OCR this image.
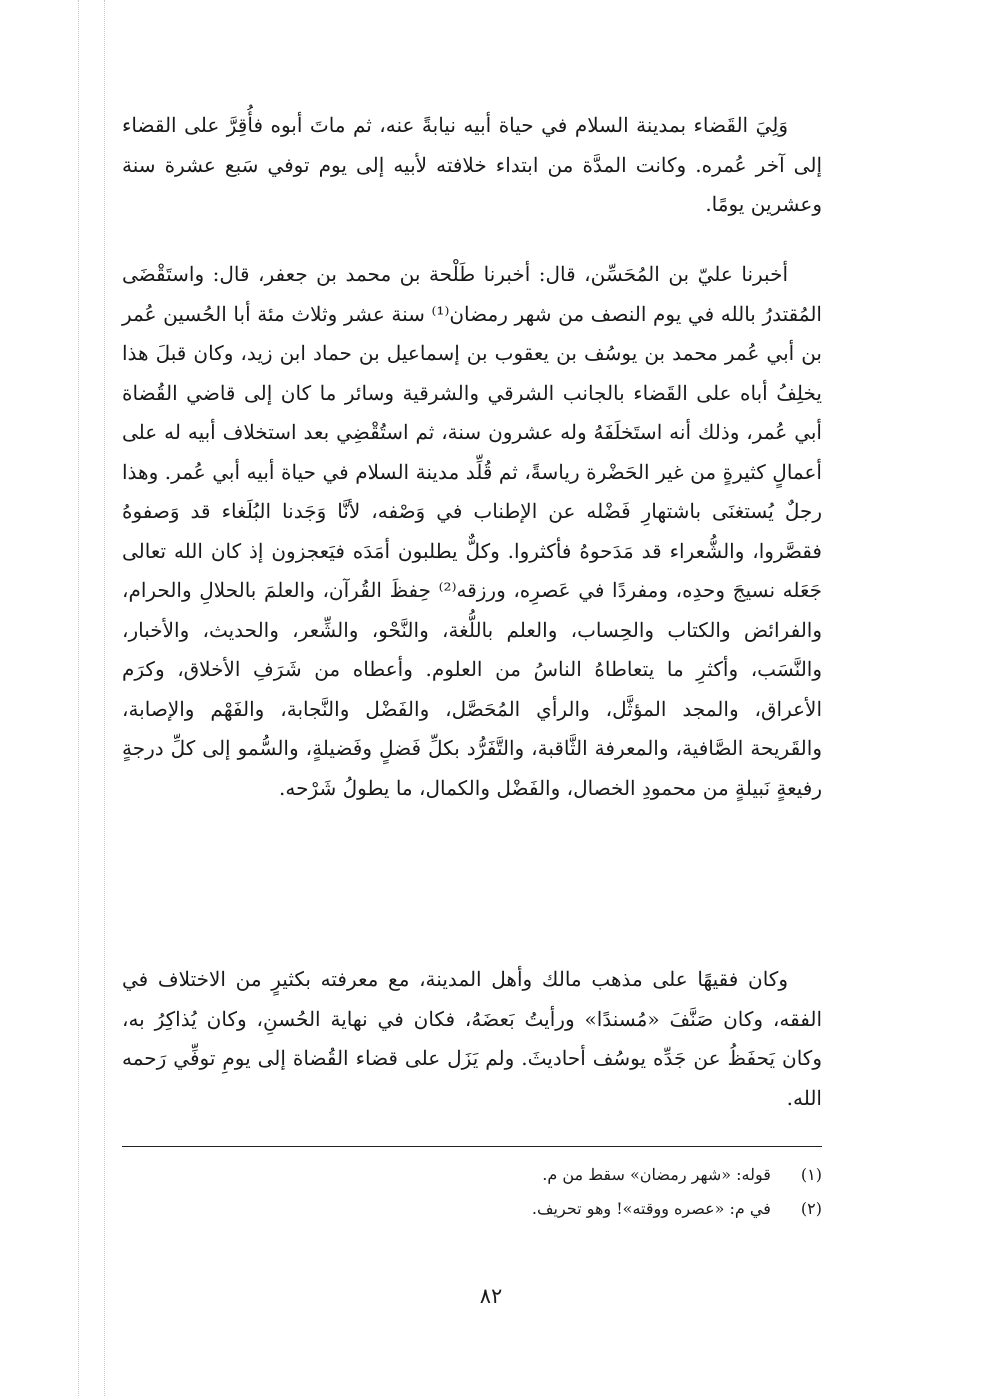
وَلِيَ القَضاء بمدينة السلام في حياة أبيه نيابةً عنه، ثم ماتَ أبوه فأُقِرَّ على القضاء إلى آخر عُمره. وكانت المدَّة من ابتداء خلافته لأبيه إلى يوم توفي سَبع عشرة سنة وعشرين يومًا.

أخبرنا عليّ بن المُحَسِّن، قال: أخبرنا طَلْحة بن محمد بن جعفر، قال: واستَقْضَى المُقتدرُ بالله في يوم النصف من شهر رمضان⁽¹⁾ سنة عشر وثلاث مئة أبا الحُسين عُمر بن أبي عُمر محمد بن يوسُف بن يعقوب بن إسماعيل بن حماد ابن زيد، وكان قبلَ هذا يخلِفُ أباه على القَضاء بالجانب الشرقي والشرقية وسائر ما كان إلى قاضي القُضاة أبي عُمر، وذلك أنه استَخلَفَهُ وله عشرون سنة، ثم استُقْضِي بعد استخلاف أبيه له على أعمالٍ كثيرةٍ من غير الحَضْرة رياسةً، ثم قُلِّد مدينة السلام في حياة أبيه أبي عُمر. وهذا رجلٌ يُستغنَى باشتهارِ فَضْله عن الإطناب في وَصْفه، لأنَّا وَجَدنا البُلَغاء قد وَصفوهُ فقصَّروا، والشُّعراء قد مَدَحوهُ فأكثروا. وكلٌّ يطلبون أمَدَه فيَعجزون إذ كان الله تعالى جَعَله نسيجَ وحدِه، ومفردًا في عَصرِه، ورزقه⁽²⁾ حِفظَ القُرآن، والعلمَ بالحلالِ والحرام، والفرائض والكتاب والحِساب، والعلم باللُّغة، والنَّحْو، والشِّعر، والحديث، والأخبار، والنَّسَب، وأكثرِ ما يتعاطاهُ الناسُ من العلوم. وأعطاه من شَرَفِ الأخلاق، وكرَم الأعراق، والمجد المؤثَّل، والرأي المُحَصَّل، والفَضْل والنَّجابة، والفَهْم والإصابة، والقَريحة الصَّافية، والمعرفة الثَّاقبة، والتَّفَرُّد بكلِّ فَضلٍ وفَضيلةٍ، والسُّمو إلى كلِّ درجةٍ رفيعةٍ نَبيلةٍ من محمودِ الخصال، والفَضْل والكمال، ما يطولُ شَرْحه.

وكان فقيهًا على مذهب مالك وأهل المدينة، مع معرفته بكثيرٍ من الاختلاف في الفقه، وكان صَنَّفَ «مُسندًا» ورأيتُ بَعضَهُ، فكان في نهاية الحُسنِ، وكان يُذاكِرُ به، وكان يَحفَظُ عن جَدِّه يوسُف أحاديثَ. ولم يَزَل على قضاء القُضاة إلى يومِ توفِّي رَحمه الله.

(١) قوله: «شهر رمضان» سقط من م.
(٢) في م: «عصره ووقته»! وهو تحريف.
٨٢
